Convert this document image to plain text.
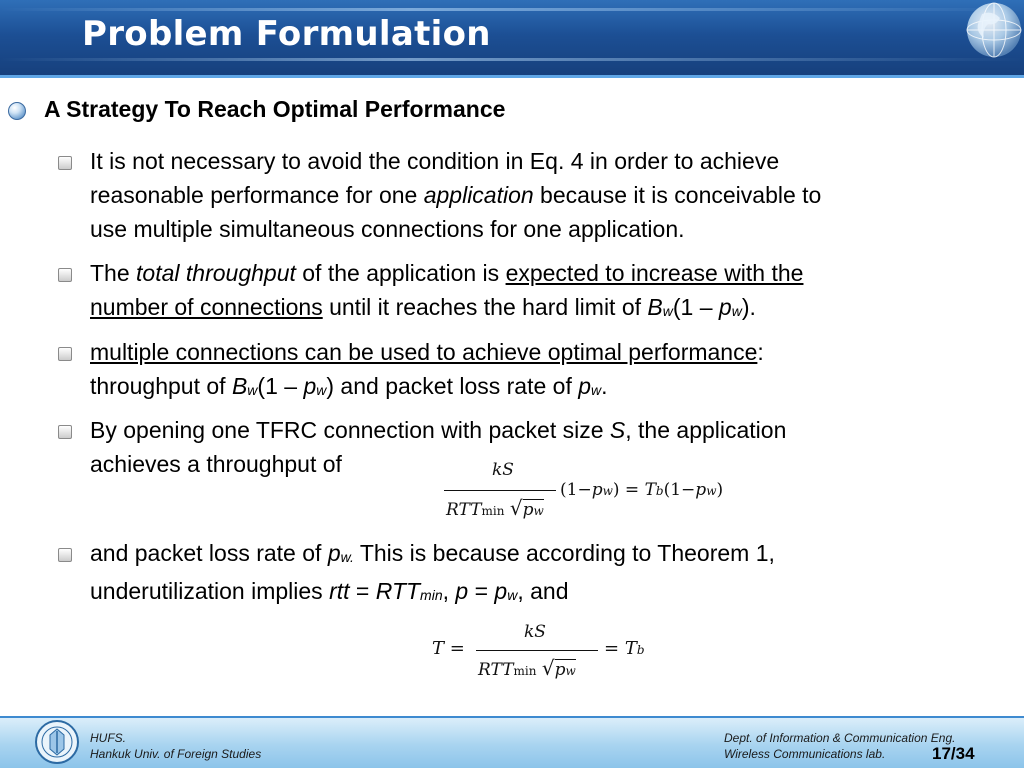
Problem Formulation
A Strategy To Reach Optimal Performance
It is not necessary to avoid the condition in Eq. 4 in order to achieve
reasonable performance for one application because it is conceivable to
use multiple simultaneous connections for one application.
The total throughput of the application is expected to increase with the
number of connections until it reaches the hard limit of Bw(1 – pw).
multiple connections can be used to achieve optimal performance:
throughput of Bw(1 – pw) and packet loss rate of pw.
By opening one TFRC connection with packet size S, the application
achieves a throughput of	kS
RTTmin √pw
(1−pw) = Tb(1−pw)
and packet loss rate of pw. This is because according to Theorem 1,
underutilization implies rtt = RTTmin, p = pw, and
T =
kS
RTTmin √pw
= Tb
HUFS.
Hankuk Univ. of Foreign Studies
Dept. of Information & Communication Eng.
Wireless Communications lab.	17/34
